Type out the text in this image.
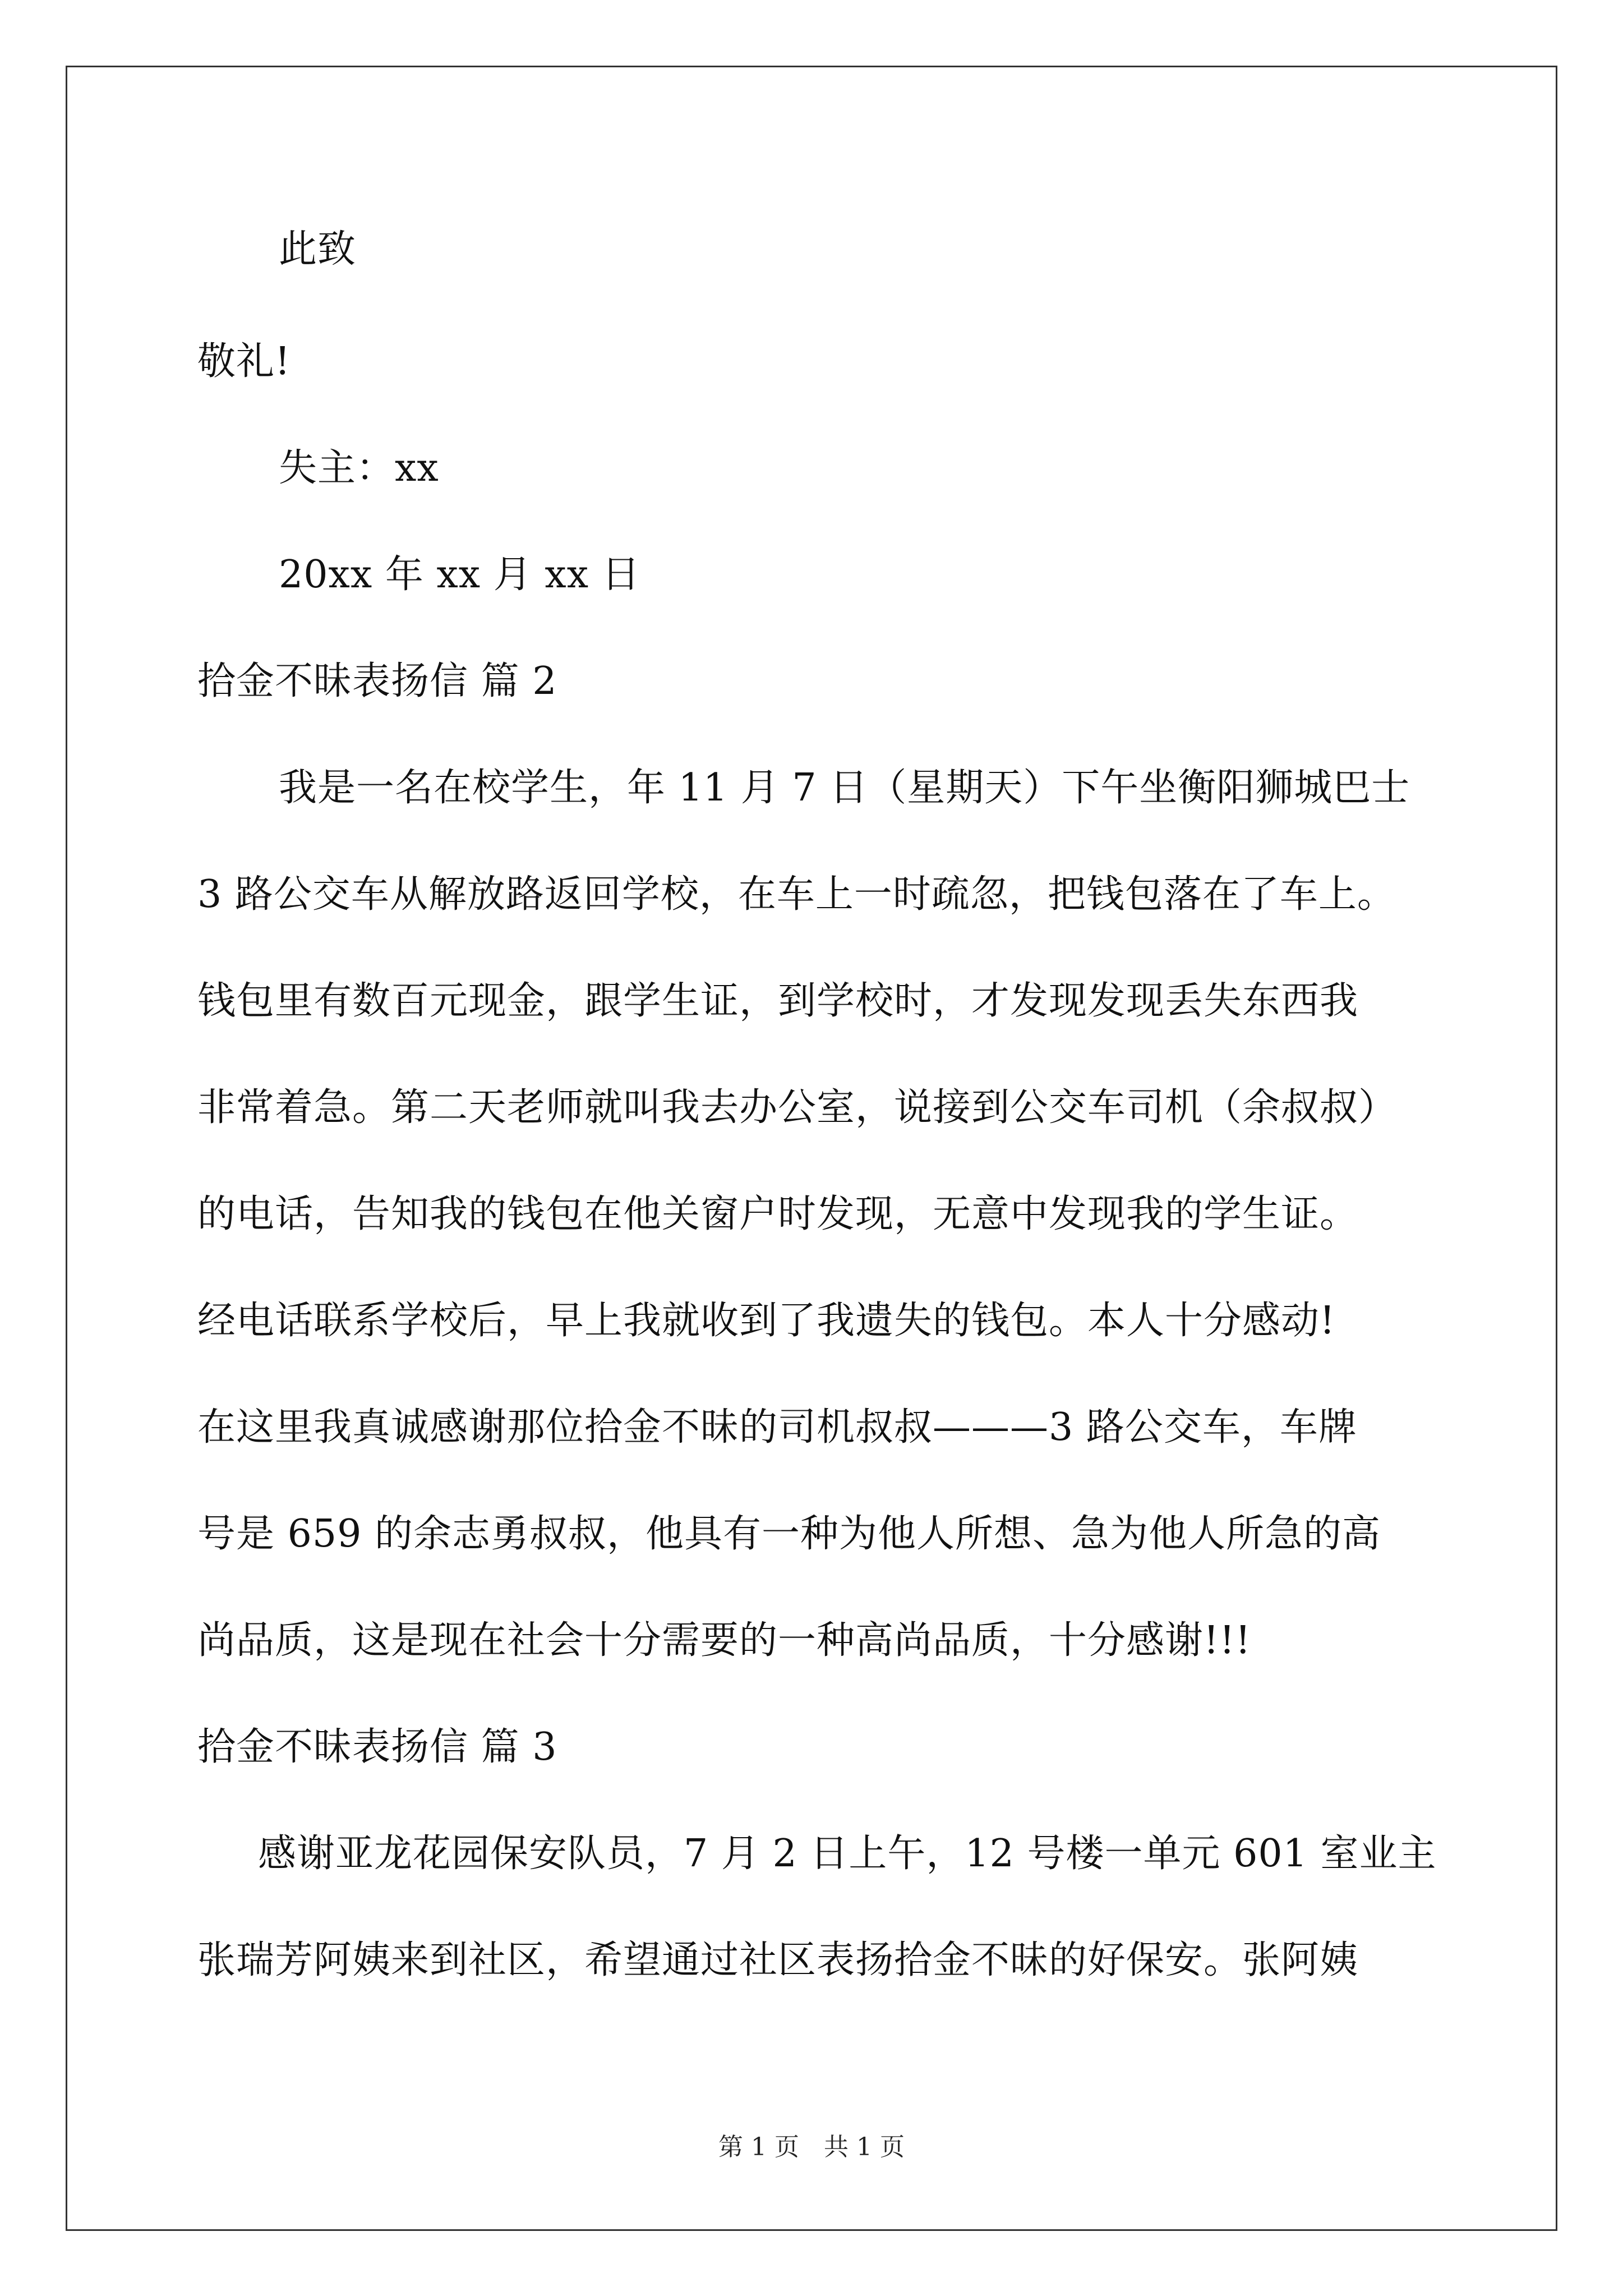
此致
敬礼!
失主：xx
20xx 年 xx 月 xx 日
拾金不昧表扬信 篇 2
我是一名在校学生，年 11 月 7 日（星期天）下午坐衡阳狮城巴士
3 路公交车从解放路返回学校，在车上一时疏忽，把钱包落在了车上。
钱包里有数百元现金，跟学生证，到学校时，才发现发现丢失东西我
非常着急。第二天老师就叫我去办公室，说接到公交车司机（余叔叔）
的电话，告知我的钱包在他关窗户时发现，无意中发现我的学生证。
经电话联系学校后，早上我就收到了我遗失的钱包。本人十分感动!
在这里我真诚感谢那位拾金不昧的司机叔叔———3 路公交车，车牌
号是 659 的余志勇叔叔，他具有一种为他人所想、急为他人所急的高
尚品质，这是现在社会十分需要的一种高尚品质，十分感谢!!!
拾金不昧表扬信 篇 3
感谢亚龙花园保安队员，7 月 2 日上午，12 号楼一单元 601 室业主
张瑞芳阿姨来到社区，希望通过社区表扬拾金不昧的好保安。张阿姨
第 1 页　共 1 页
